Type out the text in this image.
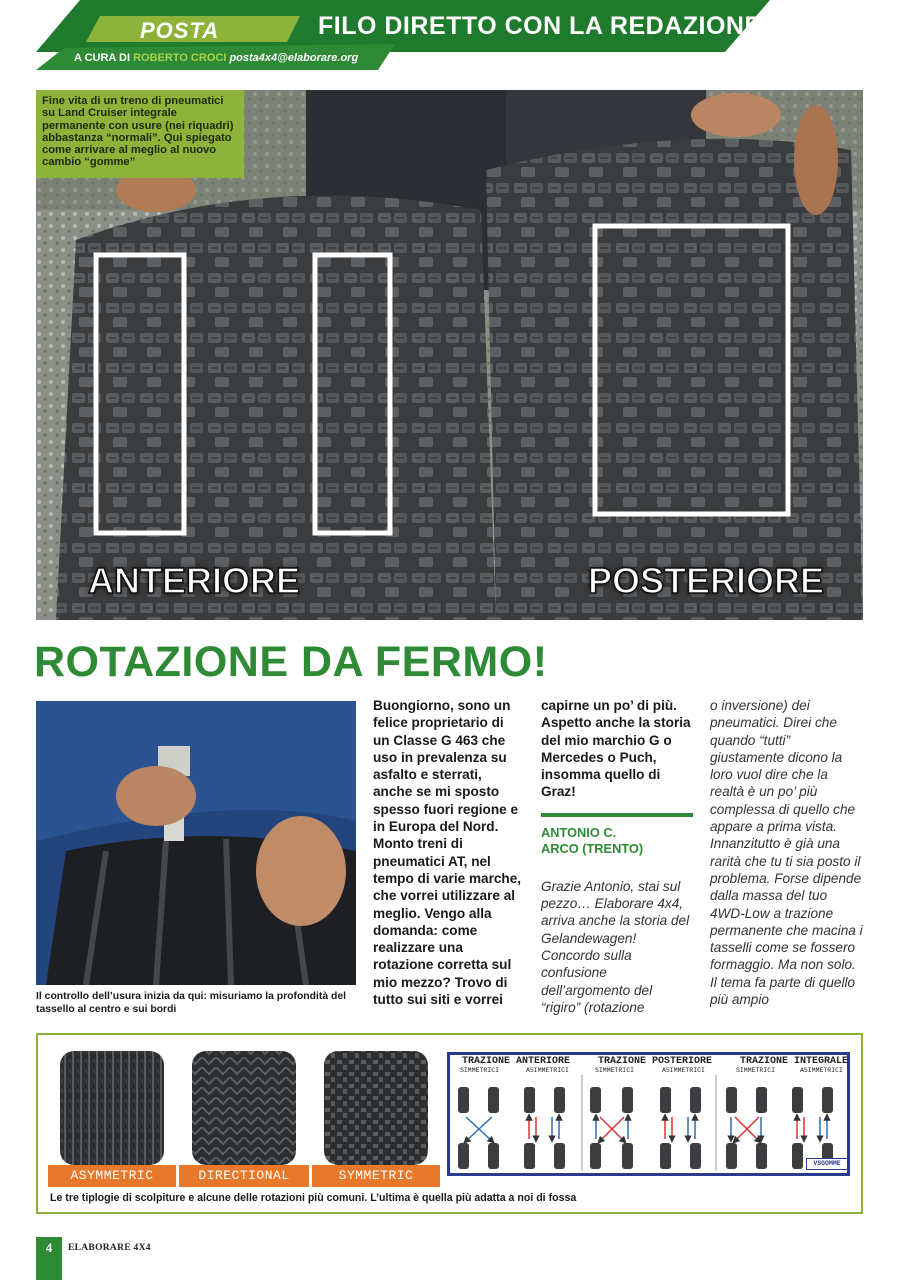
POSTA	FILO DIRETTO CON LA REDAZIONE
A CURA DI ROBERTO CROCI posta4x4@elaborare.org
Fine vita di un treno di pneumatici su Land Cruiser integrale permanente con usure (nei riquadri) abbastanza “normali”. Qui spiegato come arrivare al meglio al nuovo cambio “gomme”
ANTERIORE	POSTERIORE
ROTAZIONE DA FERMO!
Il controllo dell’usura inizia da qui: misuriamo la profondità del tassello al centro e sui bordi
Buongiorno, sono un felice proprietario di un Classe G 463 che uso in prevalenza su asfalto e sterrati, anche se mi sposto spesso fuori regione e in Europa del Nord. Monto treni di pneumatici AT, nel tempo di varie marche, che vorrei utilizzare al meglio. Vengo alla domanda: come realizzare una rotazione corretta sul mio mezzo? Trovo di tutto sui siti e vorrei
capirne un po’ di più. Aspetto anche la storia del mio marchio G o Mercedes o Puch, insomma quello di Graz!
ANTONIO C.
ARCO (TRENTO)
Grazie Antonio, stai sul pezzo… Elaborare 4x4, arriva anche la storia del Gelandewagen! Concordo sulla confusione dell’argomento del “rigiro” (rotazione
o inversione) dei pneumatici. Direi che quando “tutti” giustamente dicono la loro vuol dire che la realtà è un po’ più complessa di quello che appare a prima vista. Innanzitutto è già una rarità che tu ti sia posto il problema. Forse dipende dalla massa del tuo 4WD-Low a trazione permanente che macina i tasselli come se fossero formaggio. Ma non solo. Il tema fa parte di quello più ampio
ASYMMETRIC	DIRECTIONAL	SYMMETRIC
TRAZIONE ANTERIORE
SIMMETRICI	ASIMMETRICI
TRAZIONE POSTERIORE
SIMMETRICI	ASIMMETRICI
TRAZIONE INTEGRALE
SIMMETRICI	ASIMMETRICI
VSGOMME
Le tre tiplogie di scolpiture e alcune delle rotazioni più comuni. L’ultima è quella più adatta a noi di fossa
4	ELABORARE 4X4
